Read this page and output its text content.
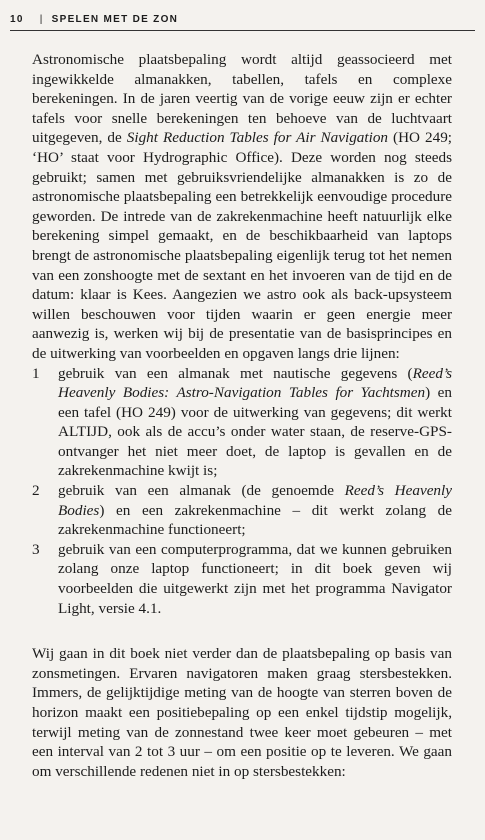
10 | SPELEN MET DE ZON

Astronomische plaatsbepaling wordt altijd geassocieerd met ingewikkelde almanakken, tabellen, tafels en complexe berekeningen. In de jaren veertig van de vorige eeuw zijn er echter tafels voor snelle berekeningen ten behoeve van de luchtvaart uitgegeven, de Sight Reduction Tables for Air Navigation (HO 249; ‘HO’ staat voor Hydrographic Office). Deze worden nog steeds gebruikt; samen met gebruiksvriendelijke almanakken is zo de astronomische plaatsbepaling een betrekkelijk eenvoudige procedure geworden. De intrede van de zakrekenmachine heeft natuurlijk elke berekening simpel gemaakt, en de beschikbaarheid van laptops brengt de astronomische plaatsbepaling eigenlijk terug tot het nemen van een zonshoogte met de sextant en het invoeren van de tijd en de datum: klaar is Kees. Aangezien we astro ook als back-upsysteem willen beschouwen voor tijden waarin er geen energie meer aanwezig is, werken wij bij de presentatie van de basisprincipes en de uitwerking van voorbeelden en opgaven langs drie lijnen:

1	gebruik van een almanak met nautische gegevens (Reed’s Heavenly Bodies: Astro-Navigation Tables for Yachtsmen) en een tafel (HO 249) voor de uitwerking van gegevens; dit werkt ALTIJD, ook als de accu’s onder water staan, de reserve-GPS-ontvanger het niet meer doet, de laptop is gevallen en de zakrekenmachine kwijt is;
2	gebruik van een almanak (de genoemde Reed’s Heavenly Bodies) en een zakrekenmachine – dit werkt zolang de zakrekenmachine functioneert;
3	gebruik van een computerprogramma, dat we kunnen gebruiken zolang onze laptop functioneert; in dit boek geven wij voorbeelden die uitgewerkt zijn met het programma Navigator Light, versie 4.1.

Wij gaan in dit boek niet verder dan de plaatsbepaling op basis van zonsmetingen. Ervaren navigatoren maken graag stersbestekken. Immers, de gelijktijdige meting van de hoogte van sterren boven de horizon maakt een positiebepaling op een enkel tijdstip mogelijk, terwijl meting van de zonnestand twee keer moet gebeuren – met een interval van 2 tot 3 uur – om een positie op te leveren. We gaan om verschillende redenen niet in op stersbestekken:
